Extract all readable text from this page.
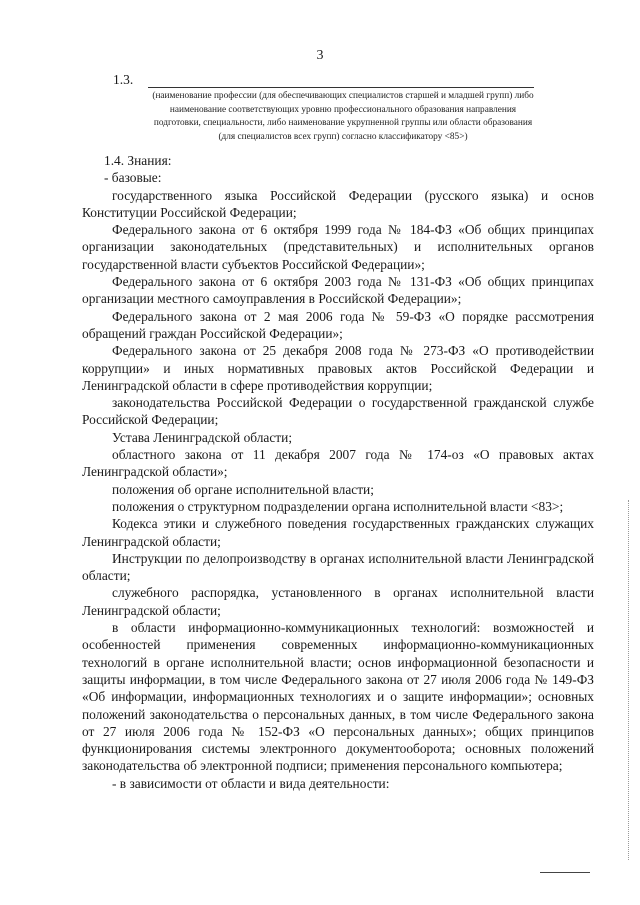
3
1.3.
(наименование профессии (для обеспечивающих специалистов старшей и младшей групп) либо наименование соответствующих уровню профессионального образования направления подготовки, специальности, либо наименование укрупненной группы или области образования (для специалистов всех групп) согласно классификатору <85>)

1.4. Знания:

- базовые:

государственного языка Российской Федерации (русского языка) и основ Конституции Российской Федерации;

Федерального закона от 6 октября 1999 года № 184-ФЗ «Об общих принципах организации законодательных (представительных) и исполнительных органов государственной власти субъектов Российской Федерации»;

Федерального закона от 6 октября 2003 года № 131-ФЗ «Об общих принципах организации местного самоуправления в Российской Федерации»;

Федерального закона от 2 мая 2006 года № 59-ФЗ «О порядке рассмотрения обращений граждан Российской Федерации»;

Федерального закона от 25 декабря 2008 года № 273-ФЗ «О противодействии коррупции» и иных нормативных правовых актов Российской Федерации и Ленинградской области в сфере противодействия коррупции;

законодательства Российской Федерации о государственной гражданской службе Российской Федерации;

Устава Ленинградской области;

областного закона от 11 декабря 2007 года № 174-оз «О правовых актах Ленинградской области»;

положения об органе исполнительной власти;

положения о структурном подразделении органа исполнительной власти <83>;

Кодекса этики и служебного поведения государственных гражданских служащих Ленинградской области;

Инструкции по делопроизводству в органах исполнительной власти Ленинградской области;

служебного распорядка, установленного в органах исполнительной власти Ленинградской области;

в области информационно-коммуникационных технологий: возможностей и особенностей применения современных информационно-коммуникационных технологий в органе исполнительной власти; основ информационной безопасности и защиты информации, в том числе Федерального закона от 27 июля 2006 года № 149-ФЗ «Об информации, информационных технологиях и о защите информации»; основных положений законодательства о персональных данных, в том числе Федерального закона от 27 июля 2006 года № 152-ФЗ «О персональных данных»; общих принципов функционирования системы электронного документооборота; основных положений законодательства об электронной подписи; применения персонального компьютера;

- в зависимости от области и вида деятельности:
